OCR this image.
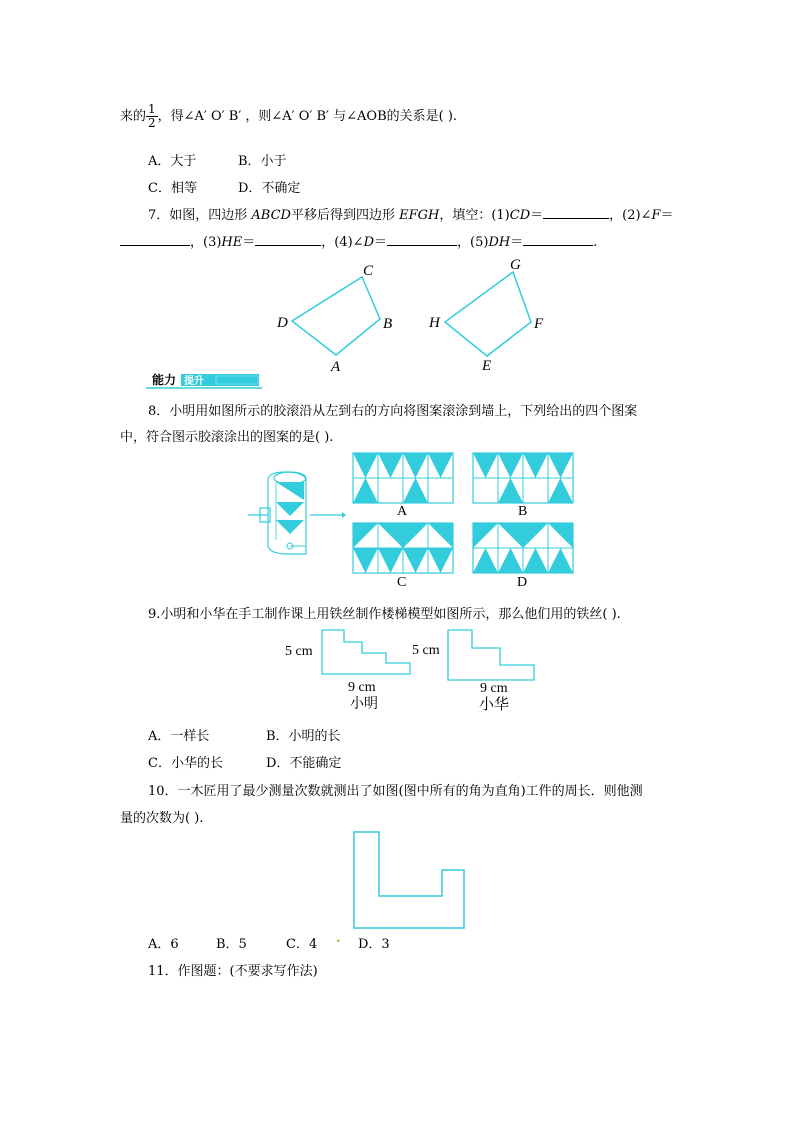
来的 $\frac{1}{2}$ ，得∠A′ O′ B′ ，则∠A′ O′ B′ 与∠AOB的关系是( ).
A．大于	B．小于
C．相等	D．不确定
7．如图，四边形 ABCD平移后得到四边形 EFGH，填空：(1)CD＝	，(2)∠F＝
，(3)HE＝	，(4)∠D＝	，(5)DH＝	.
C
D	B
A
G
H	F
E
能力 提升
8．小明用如图所示的胶滚沿从左到右的方向将图案滚涂到墙上，下列给出的四个图案
中，符合图示胶滚涂出的图案的是( ).
A	B
C	D
9.小明和小华在手工制作课上用铁丝制作楼梯模型如图所示，那么他们用的铁丝( ).
5 cm
9 cm
小明
5 cm
9 cm
小华
A．一样长	B．小明的长
C．小华的长	D．不能确定
10．一木匠用了最少测量次数就测出了如图(图中所有的角为直角)工件的周长．则他测
量的次数为( ).
A．6	B．5	C．4 . D．3
11．作图题：(不要求写作法)
